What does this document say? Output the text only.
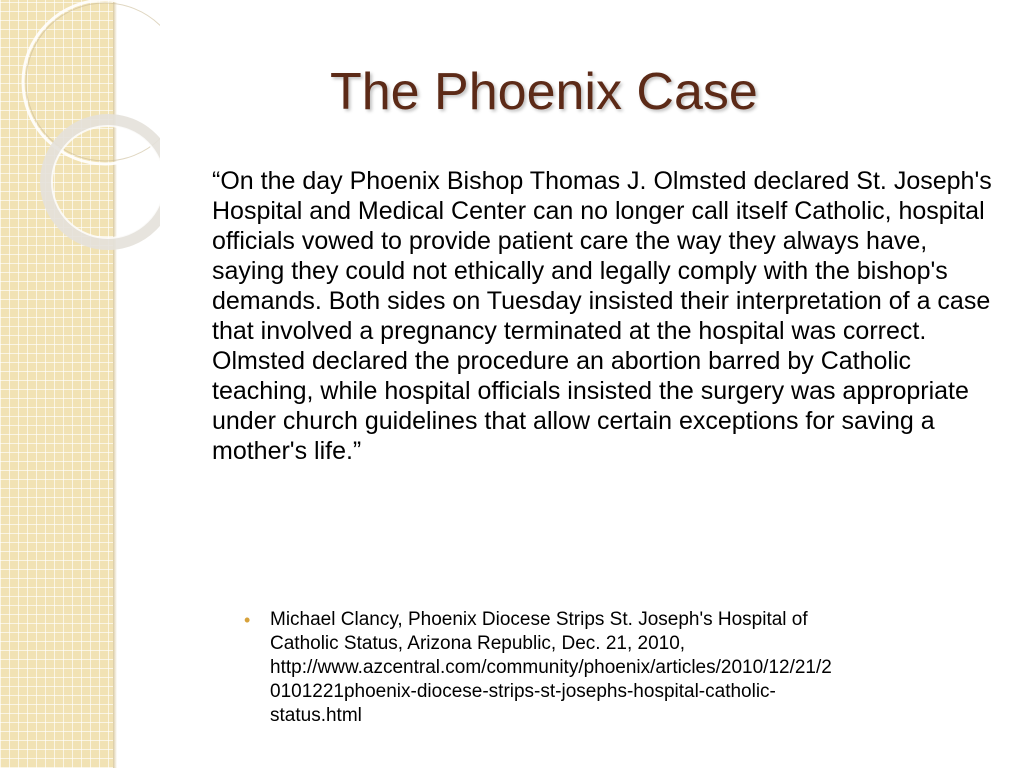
The Phoenix Case

“On the day Phoenix Bishop Thomas J. Olmsted declared St. Joseph's Hospital and Medical Center can no longer call itself Catholic, hospital officials vowed to provide patient care the way they always have, saying they could not ethically and legally comply with the bishop's demands. Both sides on Tuesday insisted their interpretation of a case that involved a pregnancy terminated at the hospital was correct. Olmsted declared the procedure an abortion barred by Catholic teaching, while hospital officials insisted the surgery was appropriate under church guidelines that allow certain exceptions for saving a mother's life.”

• Michael Clancy, Phoenix Diocese Strips St. Joseph's Hospital of
Catholic Status, Arizona Republic, Dec. 21, 2010,
http://www.azcentral.com/community/phoenix/articles/2010/12/21/2
0101221phoenix-diocese-strips-st-josephs-hospital-catholic-
status.html
